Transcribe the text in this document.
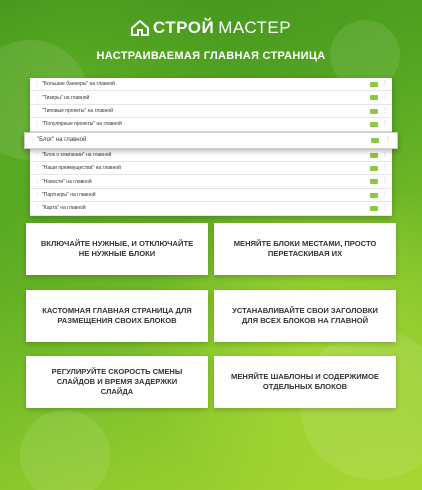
СТРОЙ МАСТЕР
НАСТРАИВАЕМАЯ ГЛАВНАЯ СТРАНИЦА
⋮ "Большие баннеры" на главной	⋮
⋮ "Тизеры" на главной	⋮
⋮ "Типовые проекты" на главной	⋮
⋮ "Популярные проекты" на главной	⋮
⋮ "Блог" на главной	⋮
⋮ "Блок о компании" на главной	⋮
⋮ "Наши преимущества" на главной	⋮
⋮ "Новости" на главной	⋮
⋮ "Партнеры" на главной	⋮
⋮ "Карта" на главной	⋮
ВКЛЮЧАЙТЕ НУЖНЫЕ, И ОТКЛЮЧАЙТЕ НЕ НУЖНЫЕ БЛОКИ
МЕНЯЙТЕ БЛОКИ МЕСТАМИ, ПРОСТО ПЕРЕТАСКИВАЯ ИХ
КАСТОМНАЯ ГЛАВНАЯ СТРАНИЦА ДЛЯ РАЗМЕЩЕНИЯ СВОИХ БЛОКОВ
УСТАНАВЛИВАЙТЕ СВОИ ЗАГОЛОВКИ ДЛЯ ВСЕХ БЛОКОВ НА ГЛАВНОЙ
РЕГУЛИРУЙТЕ СКОРОСТЬ СМЕНЫ СЛАЙДОВ И ВРЕМЯ ЗАДЕРЖКИ СЛАЙДА
МЕНЯЙТЕ ШАБЛОНЫ И СОДЕРЖИМОЕ ОТДЕЛЬНЫХ БЛОКОВ
